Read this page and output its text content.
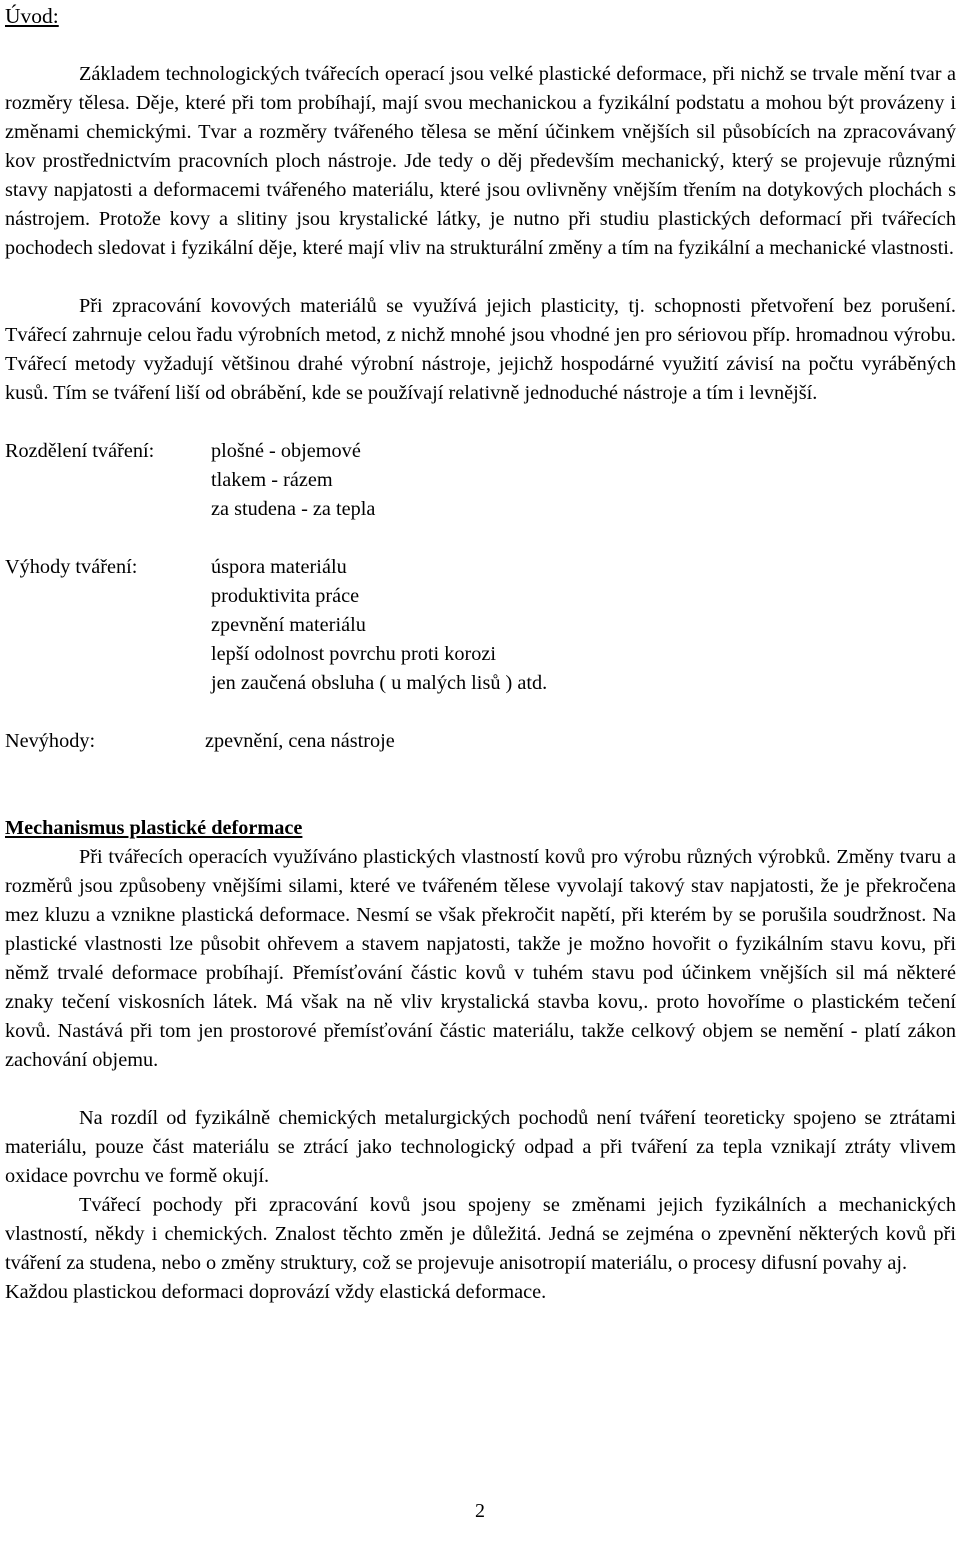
Úvod:

Základem technologických tvářecích operací jsou velké plastické deformace, při nichž se trvale mění tvar a rozměry tělesa. Děje, které při tom probíhají, mají svou mechanickou a fyzikální podstatu a mohou být provázeny i změnami chemickými. Tvar a rozměry tvářeného tělesa se mění účinkem vnějších sil působících na zpracovávaný kov prostřednictvím pracovních ploch nástroje. Jde tedy o děj především mechanický, který se projevuje různými stavy napjatosti a deformacemi tvářeného materiálu, které jsou ovlivněny vnějším třením na dotykových plochách s nástrojem. Protože kovy a slitiny jsou krystalické látky, je nutno při studiu plastických deformací při tvářecích pochodech sledovat i fyzikální děje, které mají vliv na strukturální změny a tím na fyzikální a mechanické vlastnosti.

Při zpracování kovových materiálů se využívá jejich plasticity, tj. schopnosti přetvoření bez porušení. Tvářecí zahrnuje celou řadu výrobních metod, z nichž mnohé jsou vhodné jen pro sériovou příp. hromadnou výrobu. Tvářecí metody vyžadují většinou drahé výrobní nástroje, jejichž hospodárné využití závisí na počtu vyráběných kusů. Tím se tváření liší od obrábění, kde se používají relativně jednoduché nástroje a tím i levnější.

Rozdělení tváření:	plošné - objemové
tlakem - rázem
za studena - za tepla
Výhody tváření:	úspora materiálu
produktivita práce
zpevnění materiálu
lepší odolnost povrchu proti korozi
jen zaučená obsluha ( u malých lisů ) atd.
Nevýhody:	zpevnění, cena nástroje
Mechanismus plastické deformace

Při tvářecích operacích využíváno plastických vlastností kovů pro výrobu různých výrobků. Změny tvaru a rozměrů jsou způsobeny vnějšími silami, které ve tvářeném tělese vyvolají takový stav napjatosti, že je překročena mez kluzu a vznikne plastická deformace. Nesmí se však překročit napětí, při kterém by se porušila soudržnost. Na plastické vlastnosti lze působit ohřevem a stavem napjatosti, takže je možno hovořit o fyzikálním stavu kovu, při němž trvalé deformace probíhají. Přemísťování částic kovů v tuhém stavu pod účinkem vnějších sil má některé znaky tečení viskosních látek. Má však na ně vliv krystalická stavba kovu,. proto hovoříme o plastickém tečení kovů. Nastává při tom jen prostorové přemísťování částic materiálu, takže celkový objem se nemění - platí zákon zachování objemu.

Na rozdíl od fyzikálně chemických metalurgických pochodů není tváření teoreticky spojeno se ztrátami materiálu, pouze část materiálu se ztrácí jako technologický odpad a při tváření za tepla vznikají ztráty vlivem oxidace povrchu ve formě okují.

Tvářecí pochody při zpracování kovů jsou spojeny se změnami jejich fyzikálních a mechanických vlastností, někdy i chemických. Znalost těchto změn je důležitá. Jedná se zejména o zpevnění některých kovů při tváření za studena, nebo o změny struktury, což se projevuje anisotropií materiálu, o procesy difusní povahy aj.

Každou plastickou deformaci doprovází vždy elastická deformace.

2
